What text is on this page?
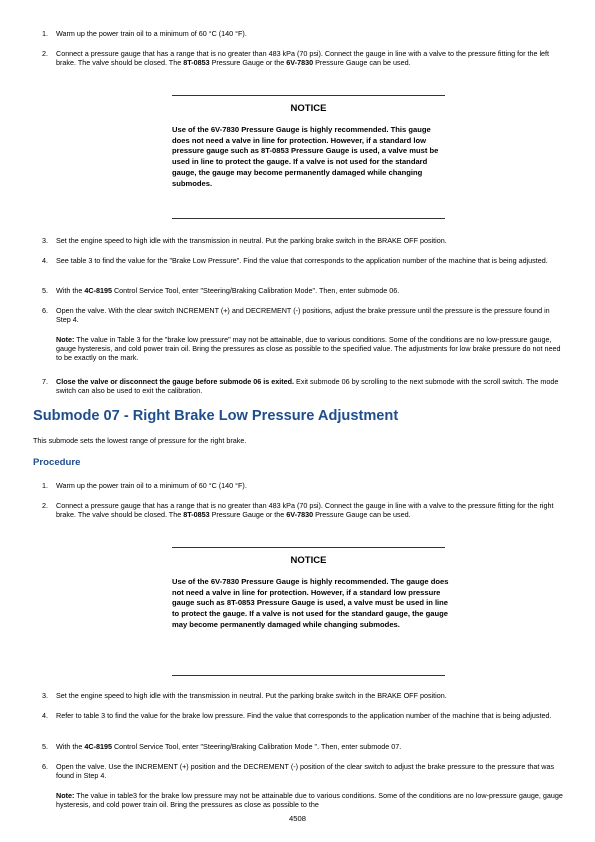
1. Warm up the power train oil to a minimum of 60 °C (140 °F).
2. Connect a pressure gauge that has a range that is no greater than 483 kPa (70 psi). Connect the gauge in line with a valve to the pressure fitting for the left brake. The valve should be closed. The 8T-0853 Pressure Gauge or the 6V-7830 Pressure Gauge can be used.
NOTICE
Use of the 6V-7830 Pressure Gauge is highly recommended. This gauge does not need a valve in line for protection. However, if a standard low pressure gauge such as 8T-0853 Pressure Gauge is used, a valve must be used in line to protect the gauge. If a valve is not used for the standard gauge, the gauge may become permanently damaged while changing submodes.
3. Set the engine speed to high idle with the transmission in neutral. Put the parking brake switch in the BRAKE OFF position.
4. See table 3 to find the value for the "Brake Low Pressure". Find the value that corresponds to the application number of the machine that is being adjusted.
5. With the 4C-8195 Control Service Tool, enter "Steering/Braking Calibration Mode". Then, enter submode 06.
6. Open the valve. With the clear switch INCREMENT (+) and DECREMENT (-) positions, adjust the brake pressure until the pressure is the pressure found in Step 4.
Note: The value in Table 3 for the "brake low pressure" may not be attainable, due to various conditions. Some of the conditions are no low-pressure gauge, gauge hysteresis, and cold power train oil. Bring the pressures as close as possible to the specified value. The adjustments for low brake pressure do not need to be exactly on the mark.
7. Close the valve or disconnect the gauge before submode 06 is exited. Exit submode 06 by scrolling to the next submode with the scroll switch. The mode switch can also be used to exit the calibration.
Submode 07 - Right Brake Low Pressure Adjustment
This submode sets the lowest range of pressure for the right brake.
Procedure
1. Warm up the power train oil to a minimum of 60 °C (140 °F).
2. Connect a pressure gauge that has a range that is no greater than 483 kPa (70 psi). Connect the gauge in line with a valve to the pressure fitting for the right brake. The valve should be closed. The 8T-0853 Pressure Gauge or the 6V-7830 Pressure Gauge can be used.
NOTICE
Use of the 6V-7830 Pressure Gauge is highly recommended. The gauge does not need a valve in line for protection. However, if a standard low pressure gauge such as 8T-0853 Pressure Gauge is used, a valve must be used in line to protect the gauge. If a valve is not used for the standard gauge, the gauge may become permanently damaged while changing submodes.
3. Set the engine speed to high idle with the transmission in neutral. Put the parking brake switch in the BRAKE OFF position.
4. Refer to table 3 to find the value for the brake low pressure. Find the value that corresponds to the application number of the machine that is being adjusted.
5. With the 4C-8195 Control Service Tool, enter "Steering/Braking Calibration Mode ". Then, enter submode 07.
6. Open the valve. Use the INCREMENT (+) position and the DECREMENT (-) position of the clear switch to adjust the brake pressure to the pressure that was found in Step 4.
Note: The value in table3 for the brake low pressure may not be attainable due to various conditions. Some of the conditions are no low-pressure gauge, gauge hysteresis, and cold power train oil. Bring the pressures as close as possible to the
4508
